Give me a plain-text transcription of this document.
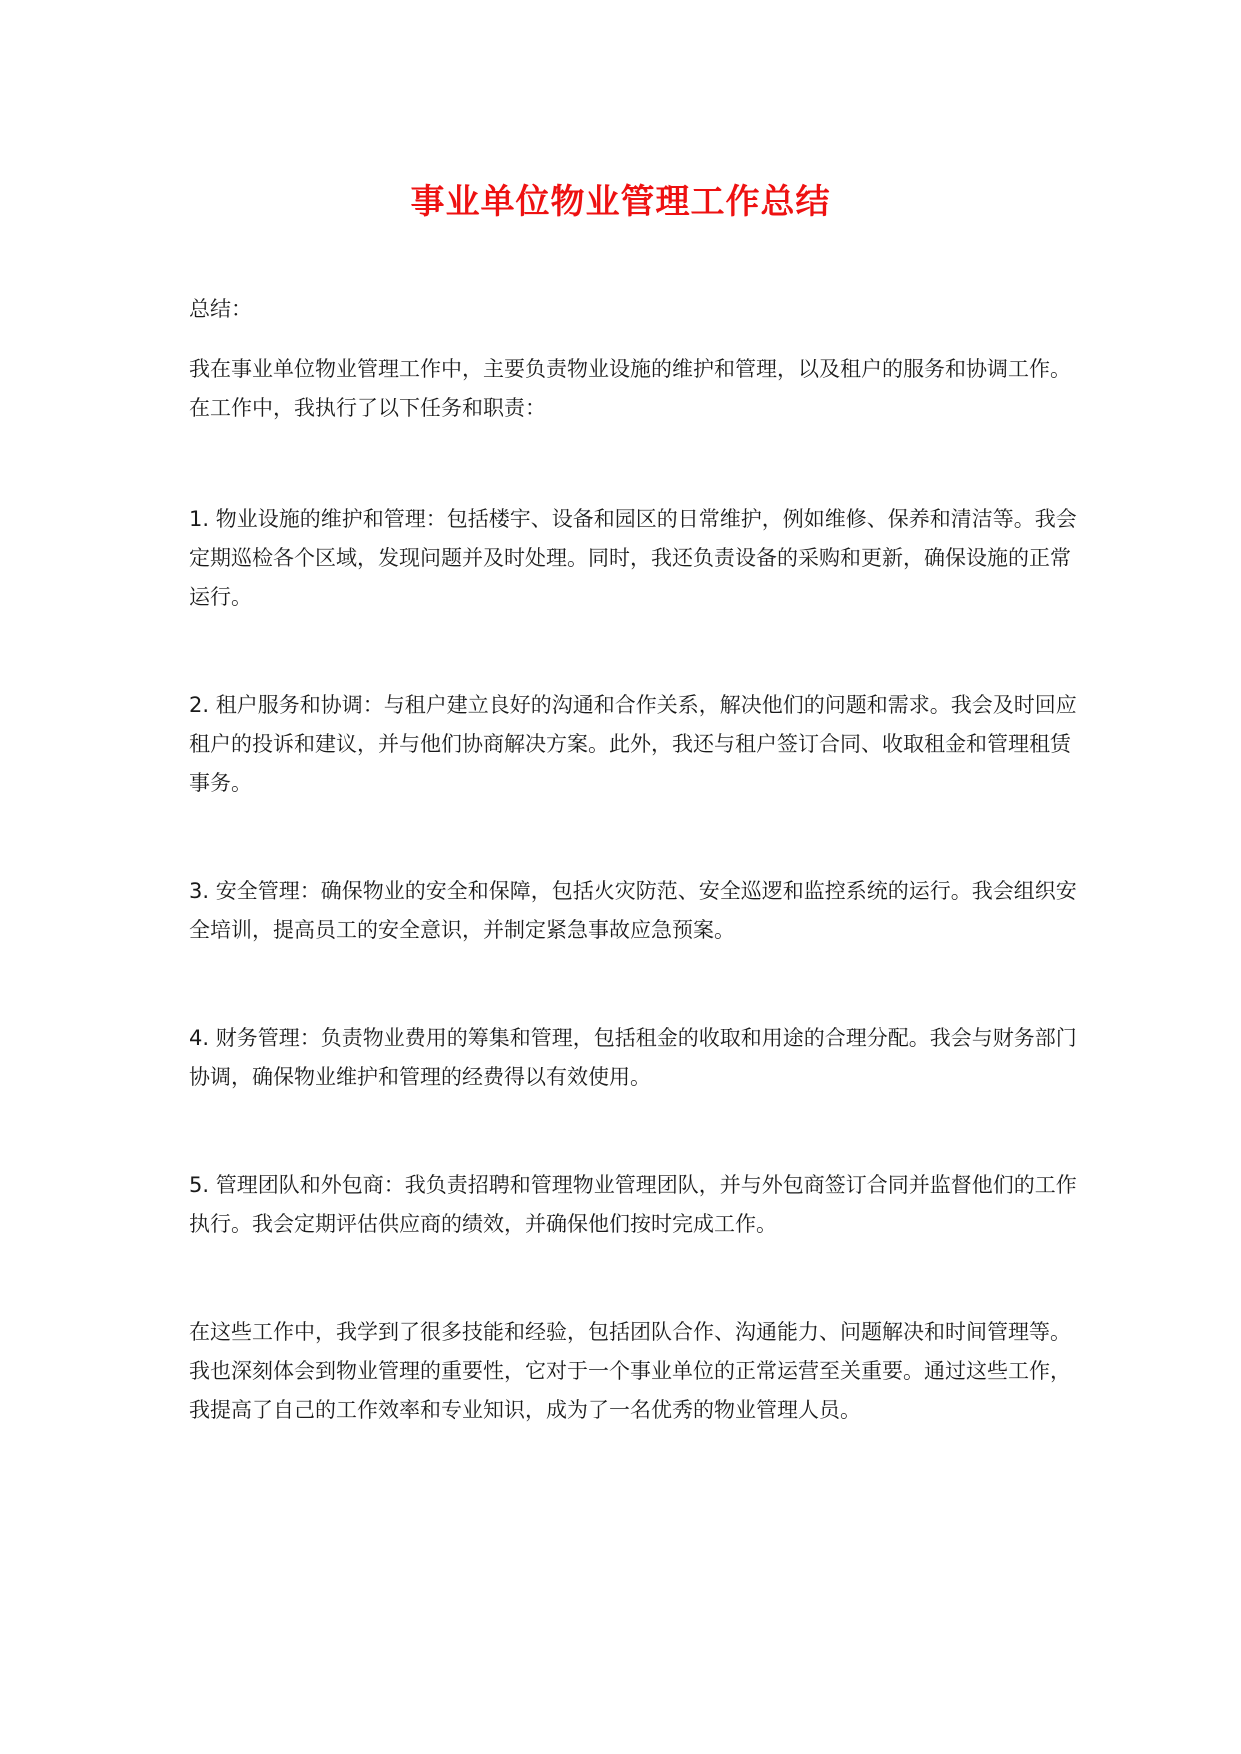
事业单位物业管理工作总结

总结：

我在事业单位物业管理工作中，主要负责物业设施的维护和管理，以及租户的服务和协调工作。在工作中，我执行了以下任务和职责：

1. 物业设施的维护和管理：包括楼宇、设备和园区的日常维护，例如维修、保养和清洁等。我会定期巡检各个区域，发现问题并及时处理。同时，我还负责设备的采购和更新，确保设施的正常运行。

2. 租户服务和协调：与租户建立良好的沟通和合作关系，解决他们的问题和需求。我会及时回应租户的投诉和建议，并与他们协商解决方案。此外，我还与租户签订合同、收取租金和管理租赁事务。

3. 安全管理：确保物业的安全和保障，包括火灾防范、安全巡逻和监控系统的运行。我会组织安全培训，提高员工的安全意识，并制定紧急事故应急预案。

4. 财务管理：负责物业费用的筹集和管理，包括租金的收取和用途的合理分配。我会与财务部门协调，确保物业维护和管理的经费得以有效使用。

5. 管理团队和外包商：我负责招聘和管理物业管理团队，并与外包商签订合同并监督他们的工作执行。我会定期评估供应商的绩效，并确保他们按时完成工作。

在这些工作中，我学到了很多技能和经验，包括团队合作、沟通能力、问题解决和时间管理等。我也深刻体会到物业管理的重要性，它对于一个事业单位的正常运营至关重要。通过这些工作，我提高了自己的工作效率和专业知识，成为了一名优秀的物业管理人员。
